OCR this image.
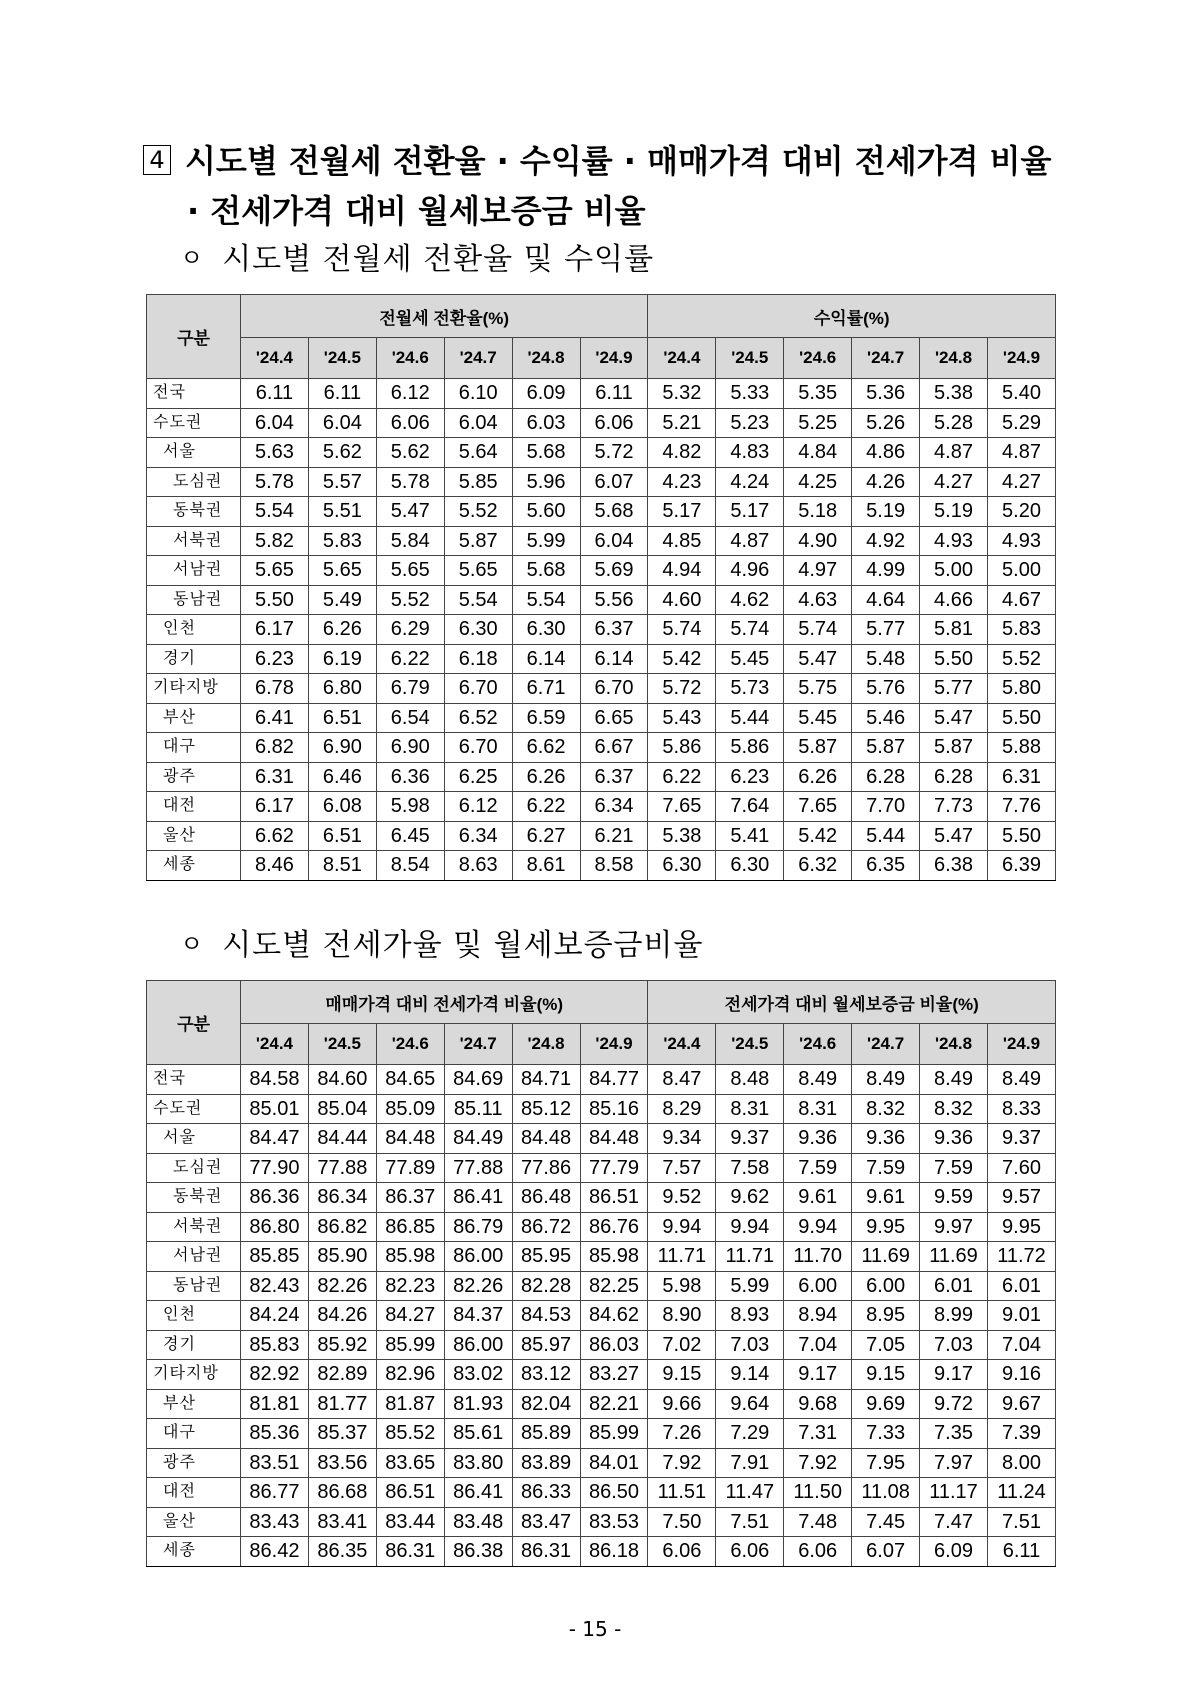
4 시도별 전월세 전환율 · 수익률 · 매매가격 대비 전세가격 비율
· 전세가격 대비 월세보증금 비율
ㅇ 시도별 전월세 전환율 및 수익률
구분	전월세 전환율(%)						수익률(%)					
	'24.4	'24.5	'24.6	'24.7	'24.8	'24.9	'24.4	'24.5	'24.6	'24.7	'24.8	'24.9
전국	6.11	6.11	6.12	6.10	6.09	6.11	5.32	5.33	5.35	5.36	5.38	5.40
수도권	6.04	6.04	6.06	6.04	6.03	6.06	5.21	5.23	5.25	5.26	5.28	5.29
서울	5.63	5.62	5.62	5.64	5.68	5.72	4.82	4.83	4.84	4.86	4.87	4.87
도심권	5.78	5.57	5.78	5.85	5.96	6.07	4.23	4.24	4.25	4.26	4.27	4.27
동북권	5.54	5.51	5.47	5.52	5.60	5.68	5.17	5.17	5.18	5.19	5.19	5.20
서북권	5.82	5.83	5.84	5.87	5.99	6.04	4.85	4.87	4.90	4.92	4.93	4.93
서남권	5.65	5.65	5.65	5.65	5.68	5.69	4.94	4.96	4.97	4.99	5.00	5.00
동남권	5.50	5.49	5.52	5.54	5.54	5.56	4.60	4.62	4.63	4.64	4.66	4.67
인천	6.17	6.26	6.29	6.30	6.30	6.37	5.74	5.74	5.74	5.77	5.81	5.83
경기	6.23	6.19	6.22	6.18	6.14	6.14	5.42	5.45	5.47	5.48	5.50	5.52
기타지방	6.78	6.80	6.79	6.70	6.71	6.70	5.72	5.73	5.75	5.76	5.77	5.80
부산	6.41	6.51	6.54	6.52	6.59	6.65	5.43	5.44	5.45	5.46	5.47	5.50
대구	6.82	6.90	6.90	6.70	6.62	6.67	5.86	5.86	5.87	5.87	5.87	5.88
광주	6.31	6.46	6.36	6.25	6.26	6.37	6.22	6.23	6.26	6.28	6.28	6.31
대전	6.17	6.08	5.98	6.12	6.22	6.34	7.65	7.64	7.65	7.70	7.73	7.76
울산	6.62	6.51	6.45	6.34	6.27	6.21	5.38	5.41	5.42	5.44	5.47	5.50
세종	8.46	8.51	8.54	8.63	8.61	8.58	6.30	6.30	6.32	6.35	6.38	6.39
ㅇ 시도별 전세가율 및 월세보증금비율
구분	매매가격 대비 전세가격 비율(%)						전세가격 대비 월세보증금 비율(%)					
	'24.4	'24.5	'24.6	'24.7	'24.8	'24.9	'24.4	'24.5	'24.6	'24.7	'24.8	'24.9
전국	84.58	84.60	84.65	84.69	84.71	84.77	8.47	8.48	8.49	8.49	8.49	8.49
수도권	85.01	85.04	85.09	85.11	85.12	85.16	8.29	8.31	8.31	8.32	8.32	8.33
서울	84.47	84.44	84.48	84.49	84.48	84.48	9.34	9.37	9.36	9.36	9.36	9.37
도심권	77.90	77.88	77.89	77.88	77.86	77.79	7.57	7.58	7.59	7.59	7.59	7.60
동북권	86.36	86.34	86.37	86.41	86.48	86.51	9.52	9.62	9.61	9.61	9.59	9.57
서북권	86.80	86.82	86.85	86.79	86.72	86.76	9.94	9.94	9.94	9.95	9.97	9.95
서남권	85.85	85.90	85.98	86.00	85.95	85.98	11.71	11.71	11.70	11.69	11.69	11.72
동남권	82.43	82.26	82.23	82.26	82.28	82.25	5.98	5.99	6.00	6.00	6.01	6.01
인천	84.24	84.26	84.27	84.37	84.53	84.62	8.90	8.93	8.94	8.95	8.99	9.01
경기	85.83	85.92	85.99	86.00	85.97	86.03	7.02	7.03	7.04	7.05	7.03	7.04
기타지방	82.92	82.89	82.96	83.02	83.12	83.27	9.15	9.14	9.17	9.15	9.17	9.16
부산	81.81	81.77	81.87	81.93	82.04	82.21	9.66	9.64	9.68	9.69	9.72	9.67
대구	85.36	85.37	85.52	85.61	85.89	85.99	7.26	7.29	7.31	7.33	7.35	7.39
광주	83.51	83.56	83.65	83.80	83.89	84.01	7.92	7.91	7.92	7.95	7.97	8.00
대전	86.77	86.68	86.51	86.41	86.33	86.50	11.51	11.47	11.50	11.08	11.17	11.24
울산	83.43	83.41	83.44	83.48	83.47	83.53	7.50	7.51	7.48	7.45	7.47	7.51
세종	86.42	86.35	86.31	86.38	86.31	86.18	6.06	6.06	6.06	6.07	6.09	6.11
- 15 -
